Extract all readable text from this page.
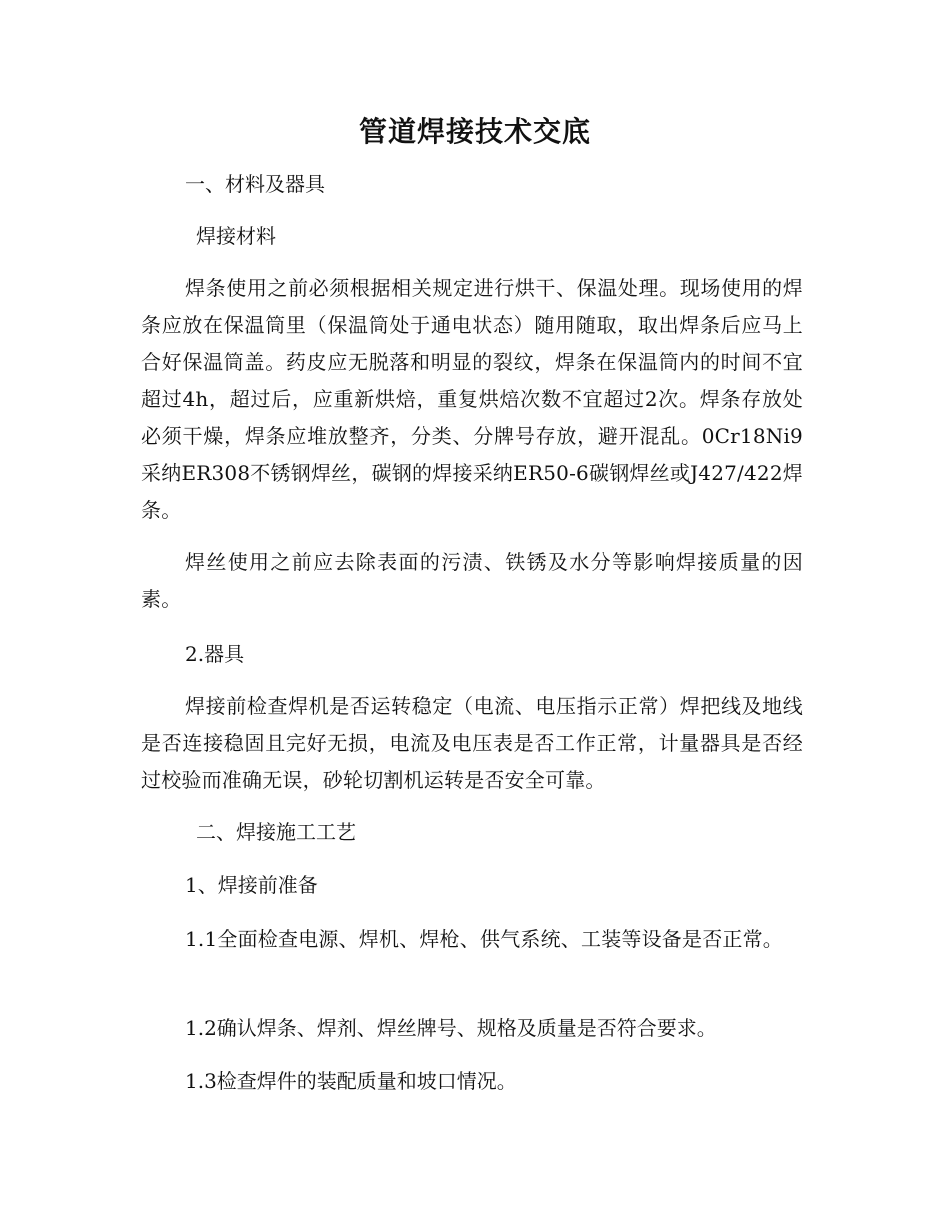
管道焊接技术交底
一、材料及器具
焊接材料
焊条使用之前必须根据相关规定进行烘干、保温处理。现场使用的焊条应放在保温筒里（保温筒处于通电状态）随用随取，取出焊条后应马上合好保温筒盖。药皮应无脱落和明显的裂纹，焊条在保温筒内的时间不宜超过4h，超过后，应重新烘焙，重复烘焙次数不宜超过2次。焊条存放处必须干燥，焊条应堆放整齐，分类、分牌号存放，避开混乱。0Cr18Ni9采纳ER308不锈钢焊丝，碳钢的焊接采纳ER50-6碳钢焊丝或J427/422焊条。
焊丝使用之前应去除表面的污渍、铁锈及水分等影响焊接质量的因素。
2.器具
焊接前检查焊机是否运转稳定（电流、电压指示正常）焊把线及地线是否连接稳固且完好无损，电流及电压表是否工作正常，计量器具是否经过校验而准确无误，砂轮切割机运转是否安全可靠。
二、焊接施工工艺
1、焊接前准备
1.1全面检查电源、焊机、焊枪、供气系统、工装等设备是否正常。
1.2确认焊条、焊剂、焊丝牌号、规格及质量是否符合要求。
1.3检查焊件的装配质量和坡口情况。
